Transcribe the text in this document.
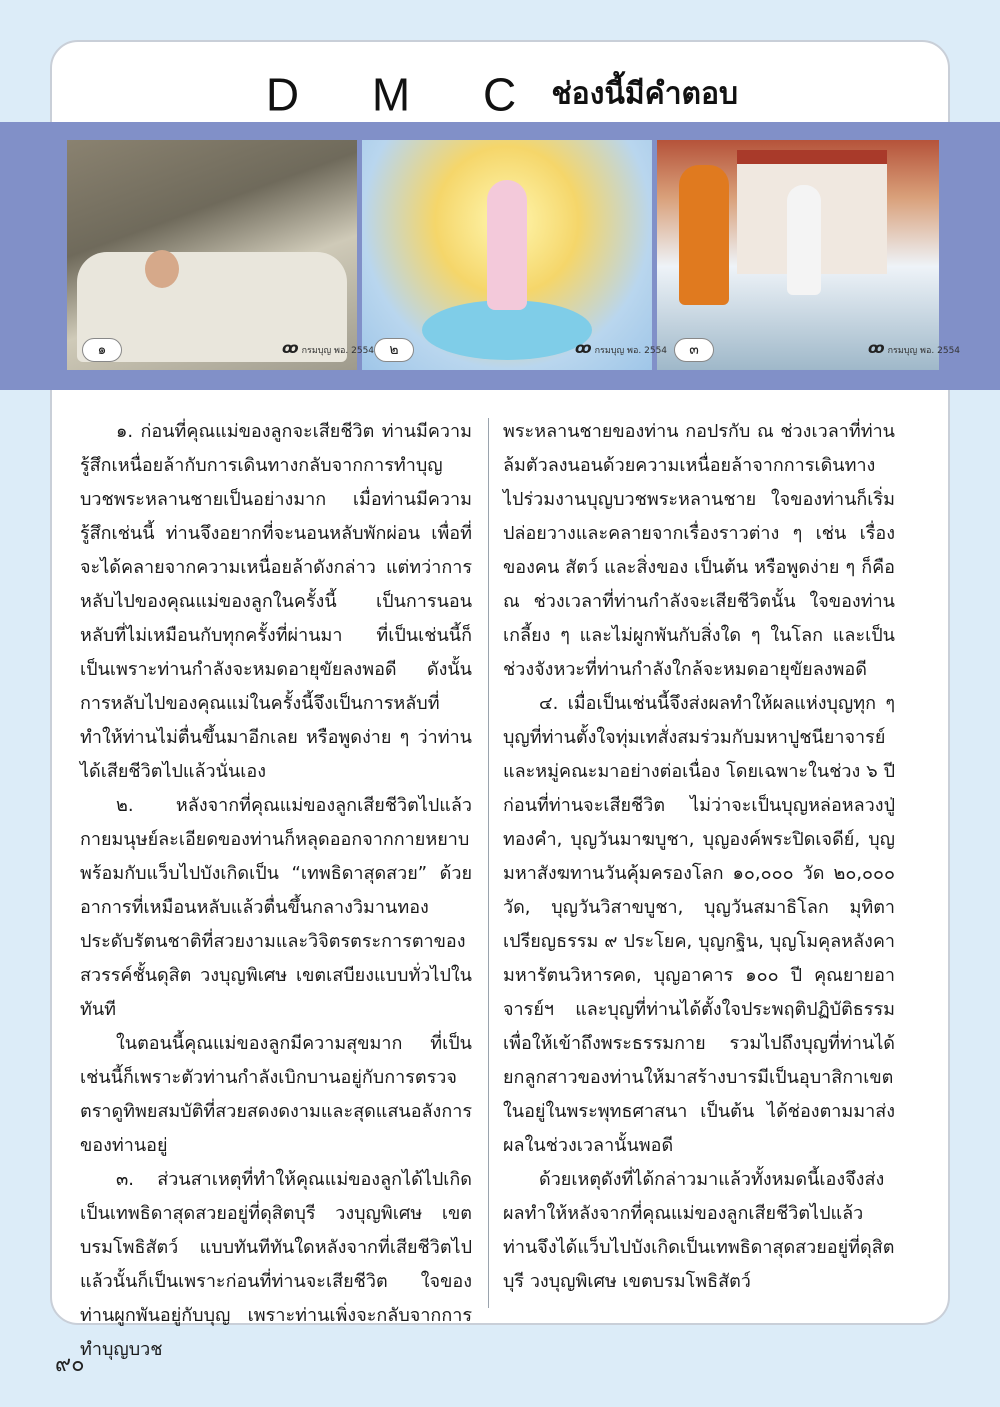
D M C ช่องนี้มีคำตอบ
๑	๒	๓
ꝏกรมบุญ พอ. 2554	ꝏกรมบุญ พอ. 2554	ꝏกรมบุญ พอ. 2554

๑. ก่อนที่คุณแม่ของลูกจะเสียชีวิต ท่านมีความรู้สึกเหนื่อยล้ากับการเดินทางกลับจากการทำบุญบวชพระหลานชายเป็นอย่างมาก เมื่อท่านมีความรู้สึกเช่นนี้ ท่านจึงอยากที่จะนอนหลับพักผ่อน เพื่อที่จะได้คลายจากความเหนื่อยล้าดังกล่าว แต่ทว่าการหลับไปของคุณแม่ของลูกในครั้งนี้ เป็นการนอนหลับที่ไม่เหมือนกับทุกครั้งที่ผ่านมา ที่เป็นเช่นนี้ก็เป็นเพราะท่านกำลังจะหมดอายุขัยลงพอดี ดังนั้นการหลับไปของคุณแม่ในครั้งนี้จึงเป็นการหลับที่ทำให้ท่านไม่ตื่นขึ้นมาอีกเลย หรือพูดง่าย ๆ ว่าท่านได้เสียชีวิตไปแล้วนั่นเอง

๒. หลังจากที่คุณแม่ของลูกเสียชีวิตไปแล้ว กายมนุษย์ละเอียดของท่านก็หลุดออกจากกายหยาบ พร้อมกับแว็บไปบังเกิดเป็น “เทพธิดาสุดสวย” ด้วยอาการที่เหมือนหลับแล้วตื่นขึ้นกลางวิมานทองประดับรัตนชาติที่สวยงามและวิจิตรตระการตาของสวรรค์ชั้นดุสิต วงบุญพิเศษ เขตเสบียงแบบทั่วไปในทันที

ในตอนนี้คุณแม่ของลูกมีความสุขมาก ที่เป็นเช่นนี้ก็เพราะตัวท่านกำลังเบิกบานอยู่กับการตรวจตราดูทิพยสมบัติที่สวยสดงดงามและสุดแสนอลังการของท่านอยู่

๓. ส่วนสาเหตุที่ทำให้คุณแม่ของลูกได้ไปเกิดเป็นเทพธิดาสุดสวยอยู่ที่ดุสิตบุรี วงบุญพิเศษ เขตบรมโพธิสัตว์ แบบทันทีทันใดหลังจากที่เสียชีวิตไปแล้วนั้นก็เป็นเพราะก่อนที่ท่านจะเสียชีวิต ใจของท่านผูกพันอยู่กับบุญ เพราะท่านเพิ่งจะกลับจากการทำบุญบวช

พระหลานชายของท่าน กอปรกับ ณ ช่วงเวลาที่ท่านล้มตัวลงนอนด้วยความเหนื่อยล้าจากการเดินทางไปร่วมงานบุญบวชพระหลานชาย ใจของท่านก็เริ่มปล่อยวางและคลายจากเรื่องราวต่าง ๆ เช่น เรื่องของคน สัตว์ และสิ่งของ เป็นต้น หรือพูดง่าย ๆ ก็คือ ณ ช่วงเวลาที่ท่านกำลังจะเสียชีวิตนั้น ใจของท่านเกลี้ยง ๆ และไม่ผูกพันกับสิ่งใด ๆ ในโลก และเป็นช่วงจังหวะที่ท่านกำลังใกล้จะหมดอายุขัยลงพอดี

๔. เมื่อเป็นเช่นนี้จึงส่งผลทำให้ผลแห่งบุญทุก ๆ บุญที่ท่านตั้งใจทุ่มเทสั่งสมร่วมกับมหาปูชนียาจารย์และหมู่คณะมาอย่างต่อเนื่อง โดยเฉพาะในช่วง ๖ ปี ก่อนที่ท่านจะเสียชีวิต ไม่ว่าจะเป็นบุญหล่อหลวงปู่ทองคำ, บุญวันมาฆบูชา, บุญองค์พระปิดเจดีย์, บุญมหาสังฆทานวันคุ้มครองโลก ๑๐,๐๐๐ วัด ๒๐,๐๐๐ วัด, บุญวันวิสาขบูชา, บุญวันสมาธิโลก มุทิตาเปรียญธรรม ๙ ประโยค, บุญกฐิน, บุญโมคุลหลังคามหารัตนวิหารคด, บุญอาคาร ๑๐๐ ปี คุณยายอาจารย์ฯ และบุญที่ท่านได้ตั้งใจประพฤติปฏิบัติธรรมเพื่อให้เข้าถึงพระธรรมกาย รวมไปถึงบุญที่ท่านได้ยกลูกสาวของท่านให้มาสร้างบารมีเป็นอุบาสิกาเขตในอยู่ในพระพุทธศาสนา เป็นต้น ได้ช่องตามมาส่งผลในช่วงเวลานั้นพอดี

ด้วยเหตุดังที่ได้กล่าวมาแล้วทั้งหมดนี้เองจึงส่งผลทำให้หลังจากที่คุณแม่ของลูกเสียชีวิตไปแล้ว ท่านจึงได้แว็บไปบังเกิดเป็นเทพธิดาสุดสวยอยู่ที่ดุสิตบุรี วงบุญพิเศษ เขตบรมโพธิสัตว์

๙๐
